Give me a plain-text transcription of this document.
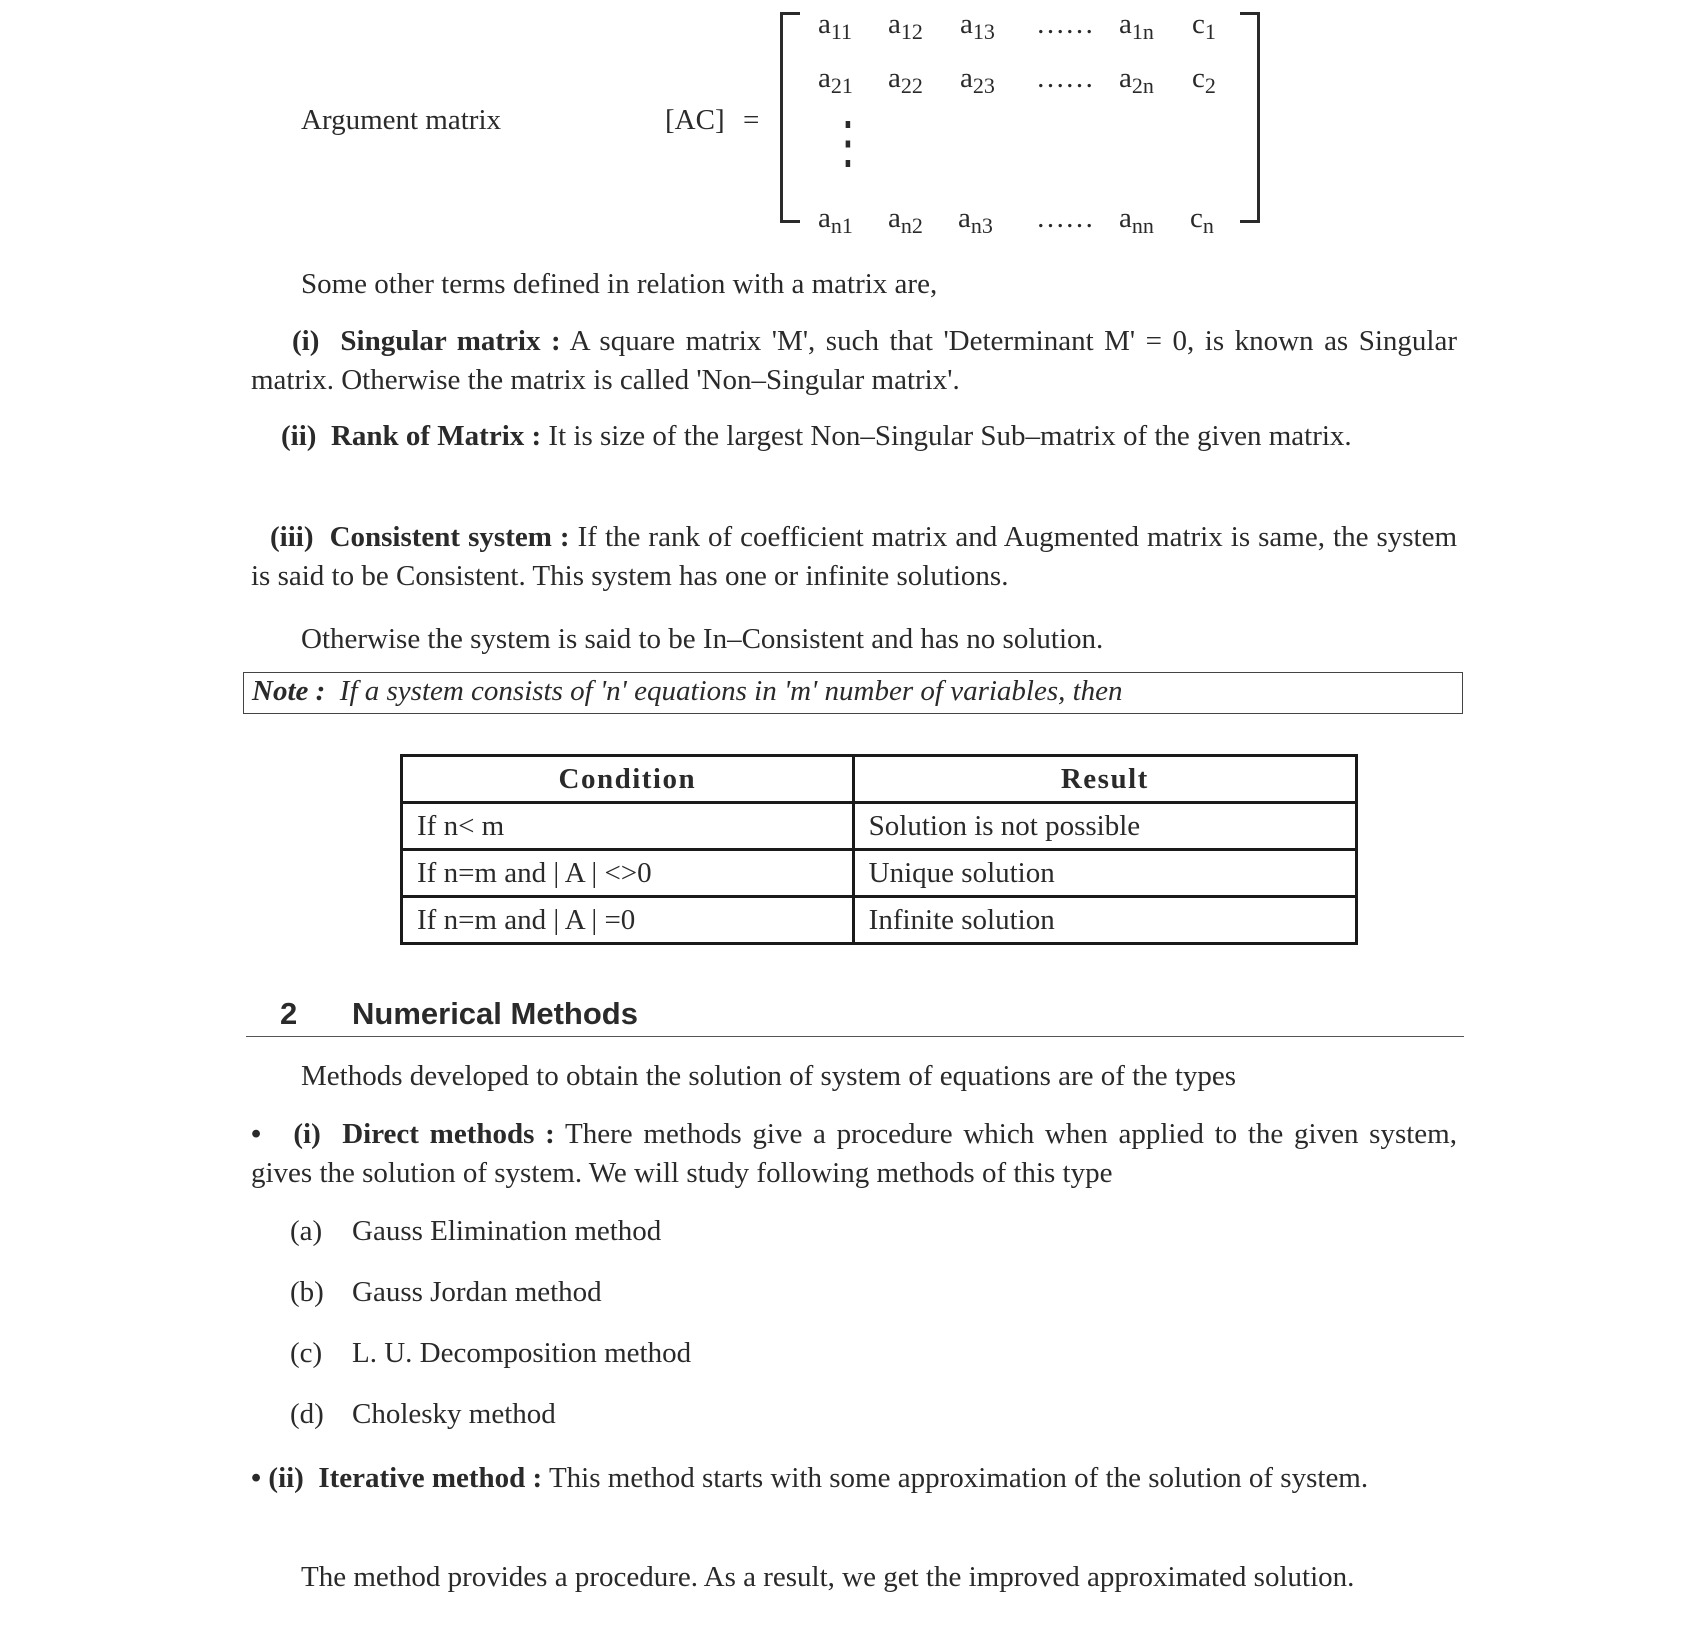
Argument matrix	[AC] =
$a_{11}$ $a_{12}$ $a_{13}$ …… $a_{1n}$ $c_1$
$a_{21}$ $a_{22}$ $a_{23}$ …… $a_{2n}$ $c_2$
⋮
$a_{n1}$ $a_{n2}$ $a_{n3}$ …… $a_{nn}$ $c_n$
Some other terms defined in relation with a matrix are,
(i) Singular matrix : A square matrix 'M', such that 'Determinant M' = 0, is known as Singular matrix. Otherwise the matrix is called 'Non–Singular matrix'.
(ii) Rank of Matrix : It is size of the largest Non–Singular Sub–matrix of the given matrix.
(iii) Consistent system : If the rank of coefficient matrix and Augmented matrix is same, the system is said to be Consistent. This system has one or infinite solutions.
Otherwise the system is said to be In–Consistent and has no solution.
Note : If a system consists of 'n' equations in 'm' number of variables, then
Condition	Result
If n< m	Solution is not possible
If n=m and | A | <>0	Unique solution
If n=m and | A | =0	Infinite solution
2 Numerical Methods
Methods developed to obtain the solution of system of equations are of the types
• (i) Direct methods : There methods give a procedure which when applied to the given system, gives the solution of system. We will study following methods of this type
(a) Gauss Elimination method
(b) Gauss Jordan method
(c) L. U. Decomposition method
(d) Cholesky method
• (ii) Iterative method : This method starts with some approximation of the solution of system.
The method provides a procedure. As a result, we get the improved approximated solution.
